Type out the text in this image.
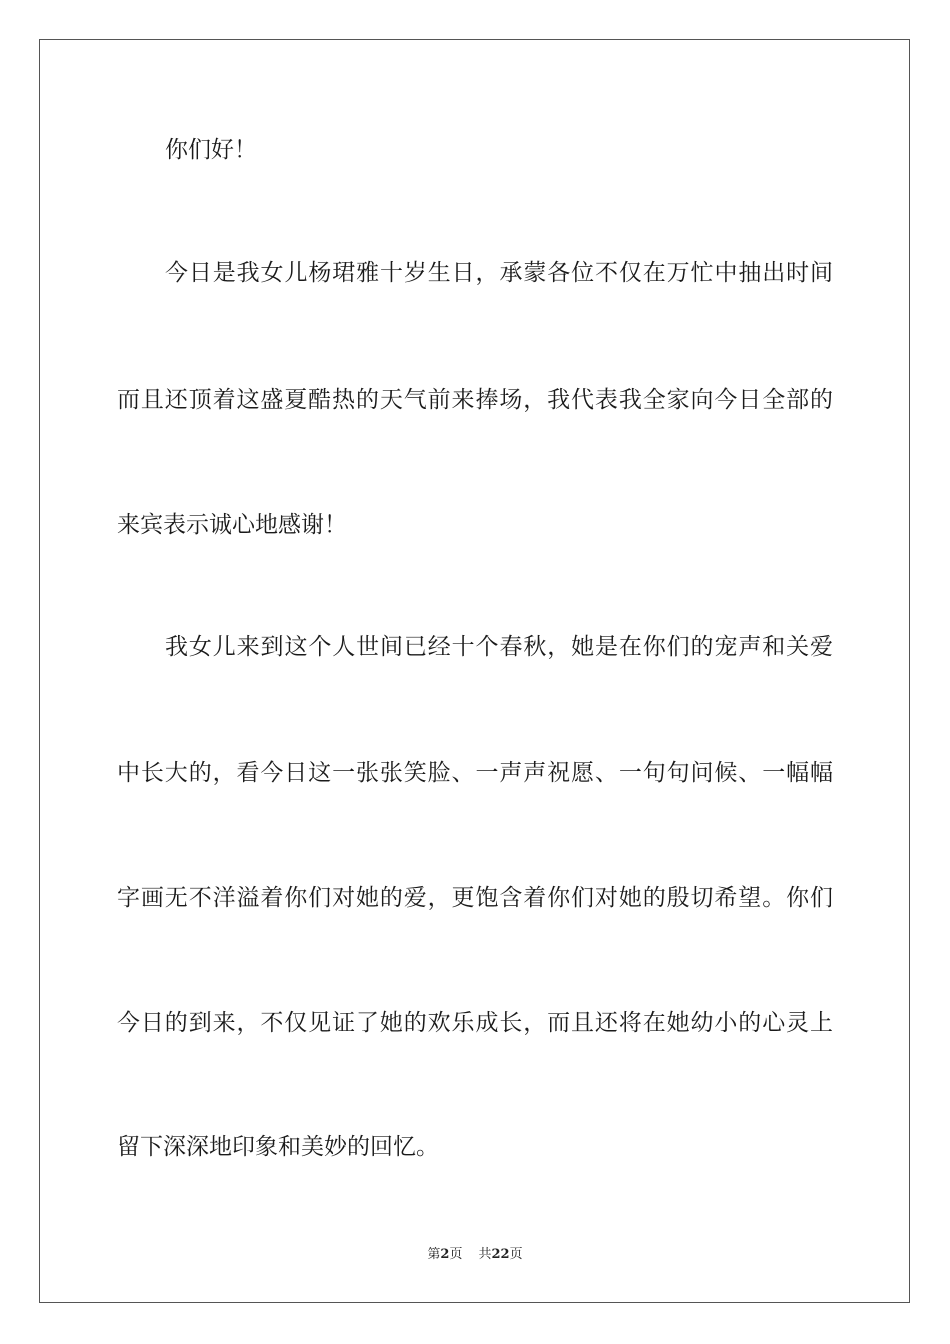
你们好！
今日是我女儿杨珺雅十岁生日，承蒙各位不仅在万忙中抽出时间
而且还顶着这盛夏酷热的天气前来捧场，我代表我全家向今日全部的
来宾表示诚心地感谢！
我女儿来到这个人世间已经十个春秋，她是在你们的宠声和关爱
中长大的，看今日这一张张笑脸、一声声祝愿、一句句问候、一幅幅
字画无不洋溢着你们对她的爱，更饱含着你们对她的殷切希望。你们
今日的到来，不仅见证了她的欢乐成长，而且还将在她幼小的心灵上
留下深深地印象和美妙的回忆。
第2页 共22页
